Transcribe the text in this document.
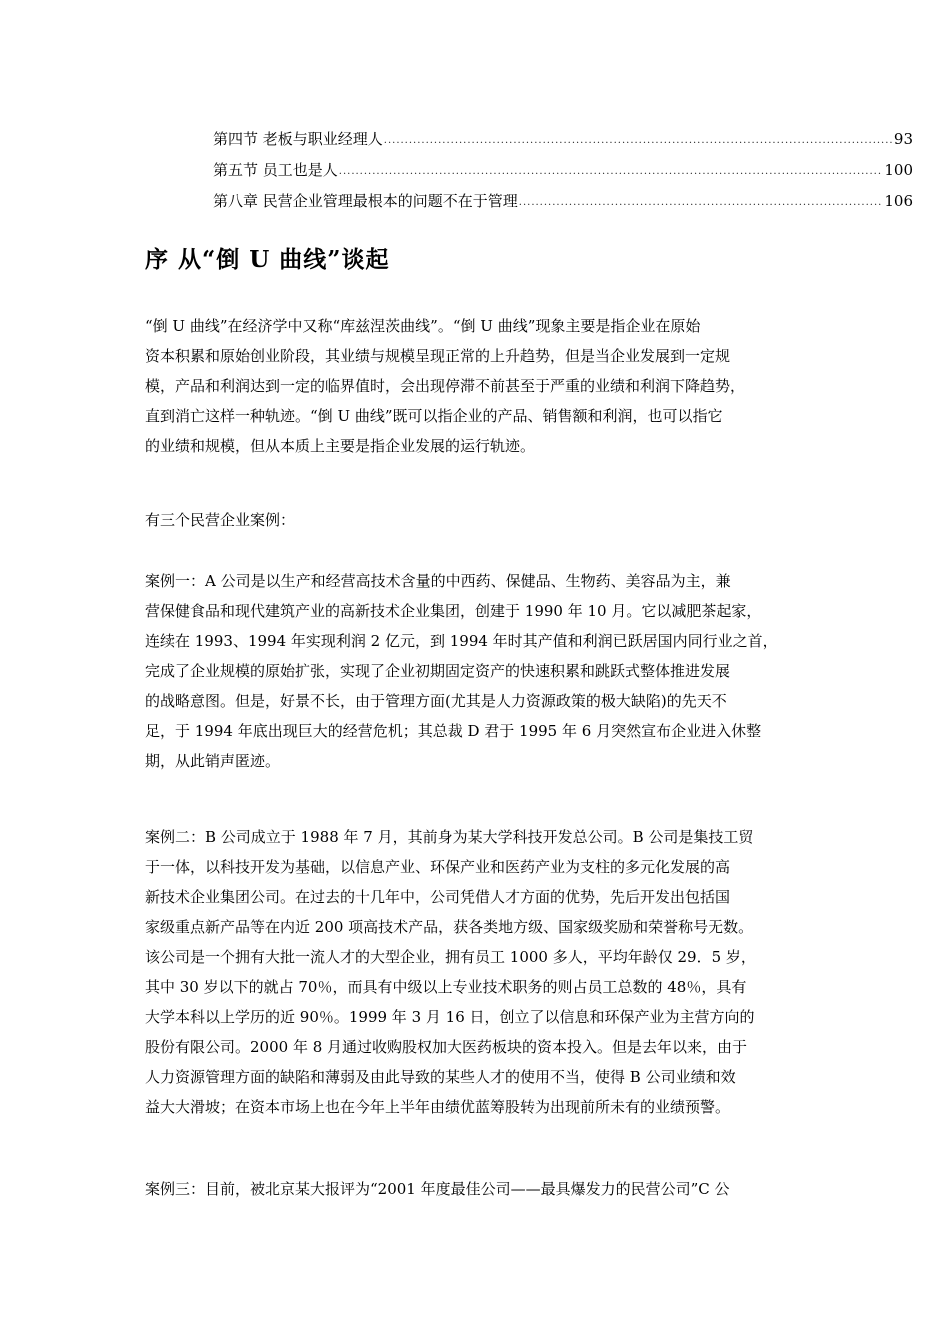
第四节 老板与职业经理人 .....	93
第五节 员工也是人 .....	100
第八章 民营企业管理最根本的问题不在于管理 .....	106
序 从“倒 U 曲线”谈起
“倒 U 曲线”在经济学中又称“库兹涅茨曲线”。“倒 U 曲线”现象主要是指企业在原始
资本积累和原始创业阶段，其业绩与规模呈现正常的上升趋势，但是当企业发展到一定规
模，产品和利润达到一定的临界值时，会出现停滞不前甚至于严重的业绩和利润下降趋势，
直到消亡这样一种轨迹。“倒 U 曲线”既可以指企业的产品、销售额和利润，也可以指它
的业绩和规模，但从本质上主要是指企业发展的运行轨迹。
有三个民营企业案例：
案例一：A 公司是以生产和经营高技术含量的中西药、保健品、生物药、美容品为主，兼
营保健食品和现代建筑产业的高新技术企业集团，创建于 1990 年 10 月。它以减肥茶起家，
连续在 1993、1994 年实现利润 2 亿元，到 1994 年时其产值和利润已跃居国内同行业之首，
完成了企业规模的原始扩张，实现了企业初期固定资产的快速积累和跳跃式整体推进发展
的战略意图。但是，好景不长，由于管理方面(尤其是人力资源政策的极大缺陷)的先天不
足，于 1994 年底出现巨大的经营危机；其总裁 D 君于 1995 年 6 月突然宣布企业进入休整
期，从此销声匿迹。
案例二：B 公司成立于 1988 年 7 月，其前身为某大学科技开发总公司。B 公司是集技工贸
于一体，以科技开发为基础，以信息产业、环保产业和医药产业为支柱的多元化发展的高
新技术企业集团公司。在过去的十几年中，公司凭借人才方面的优势，先后开发出包括国
家级重点新产品等在内近 200 项高技术产品，获各类地方级、国家级奖励和荣誉称号无数。
该公司是一个拥有大批一流人才的大型企业，拥有员工 1000 多人，平均年龄仅 29．5 岁，
其中 30 岁以下的就占 70％，而具有中级以上专业技术职务的则占员工总数的 48％，具有
大学本科以上学历的近 90％。1999 年 3 月 16 日，创立了以信息和环保产业为主营方向的
股份有限公司。2000 年 8 月通过收购股权加大医药板块的资本投入。但是去年以来，由于
人力资源管理方面的缺陷和薄弱及由此导致的某些人才的使用不当，使得 B 公司业绩和效
益大大滑坡；在资本市场上也在今年上半年由绩优蓝筹股转为出现前所未有的业绩预警。
案例三：目前，被北京某大报评为“2001 年度最佳公司——最具爆发力的民营公司”C 公
